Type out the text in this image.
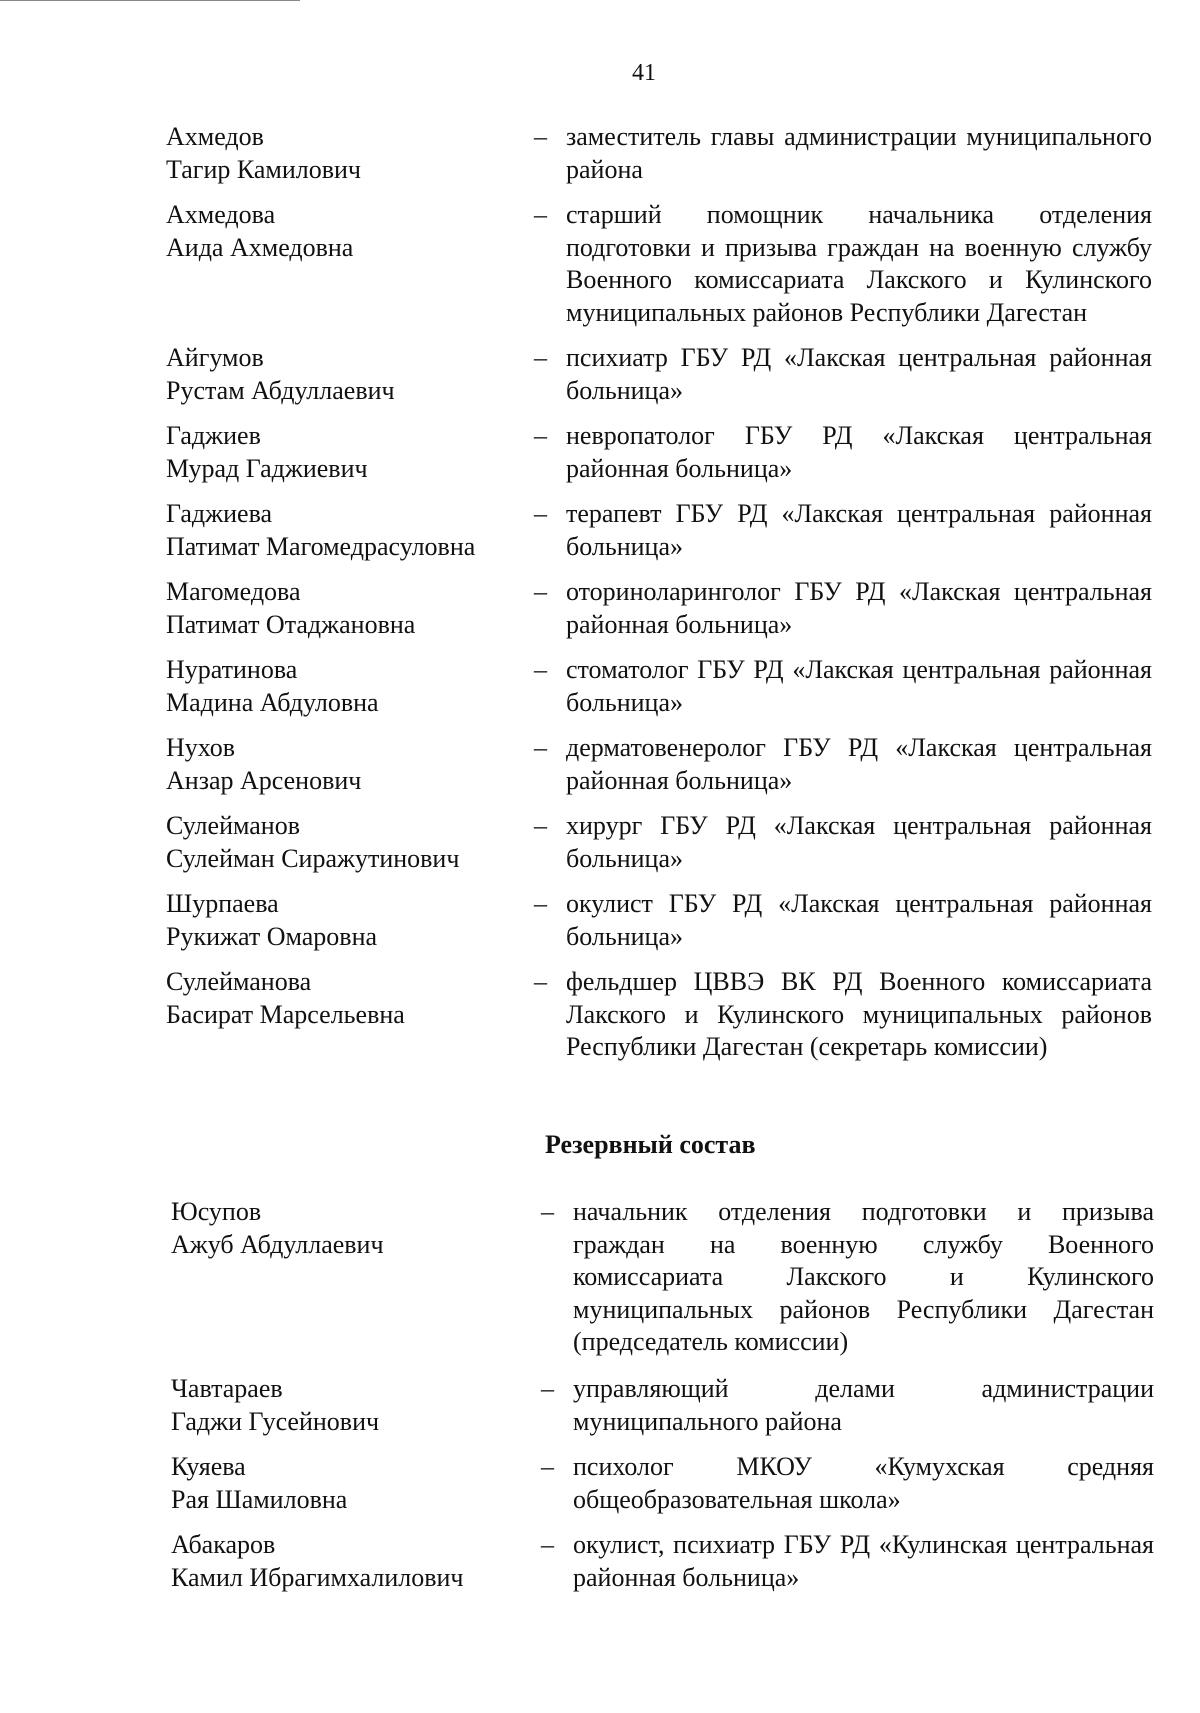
41
Ахмедов
Тагир Камилович
– заместитель главы администрации муниципального района
Ахмедова
Аида Ахмедовна
– старший помощник начальника отделения подготовки и призыва граждан на военную службу Военного комиссариата Лакского и Кулинского муниципальных районов Республики Дагестан
Айгумов
Рустам Абдуллаевич
– психиатр ГБУ РД «Лакская центральная районная больница»
Гаджиев
Мурад Гаджиевич
– невропатолог ГБУ РД «Лакская центральная районная больница»
Гаджиева
Патимат Магомедрасуловна
– терапевт ГБУ РД «Лакская центральная районная больница»
Магомедова
Патимат Отаджановна
– оториноларинголог ГБУ РД «Лакская центральная районная больница»
Нуратинова
Мадина Абдуловна
– стоматолог ГБУ РД «Лакская центральная районная больница»
Нухов
Анзар Арсенович
– дерматовенеролог ГБУ РД «Лакская центральная районная больница»
Сулейманов
Сулейман Сиражутинович
– хирург ГБУ РД «Лакская центральная районная больница»
Шурпаева
Рукижат Омаровна
– окулист ГБУ РД «Лакская центральная районная больница»
Сулейманова
Басират Марсельевна
– фельдшер ЦВВЭ ВК РД Военного комиссариата Лакского и Кулинского муниципальных районов Республики Дагестан (секретарь комиссии)
Резервный состав
Юсупов
Ажуб Абдуллаевич
– начальник отделения подготовки и призыва граждан на военную службу Военного комиссариата Лакского и Кулинского муниципальных районов Республики Дагестан (председатель комиссии)
Чавтараев
Гаджи Гусейнович
– управляющий делами администрации муниципального района
Куяева
Рая Шамиловна
– психолог МКОУ «Кумухская средняя общеобразовательная школа»
Абакаров
Камил Ибрагимхалилович
– окулист, психиатр ГБУ РД «Кулинская центральная районная больница»
